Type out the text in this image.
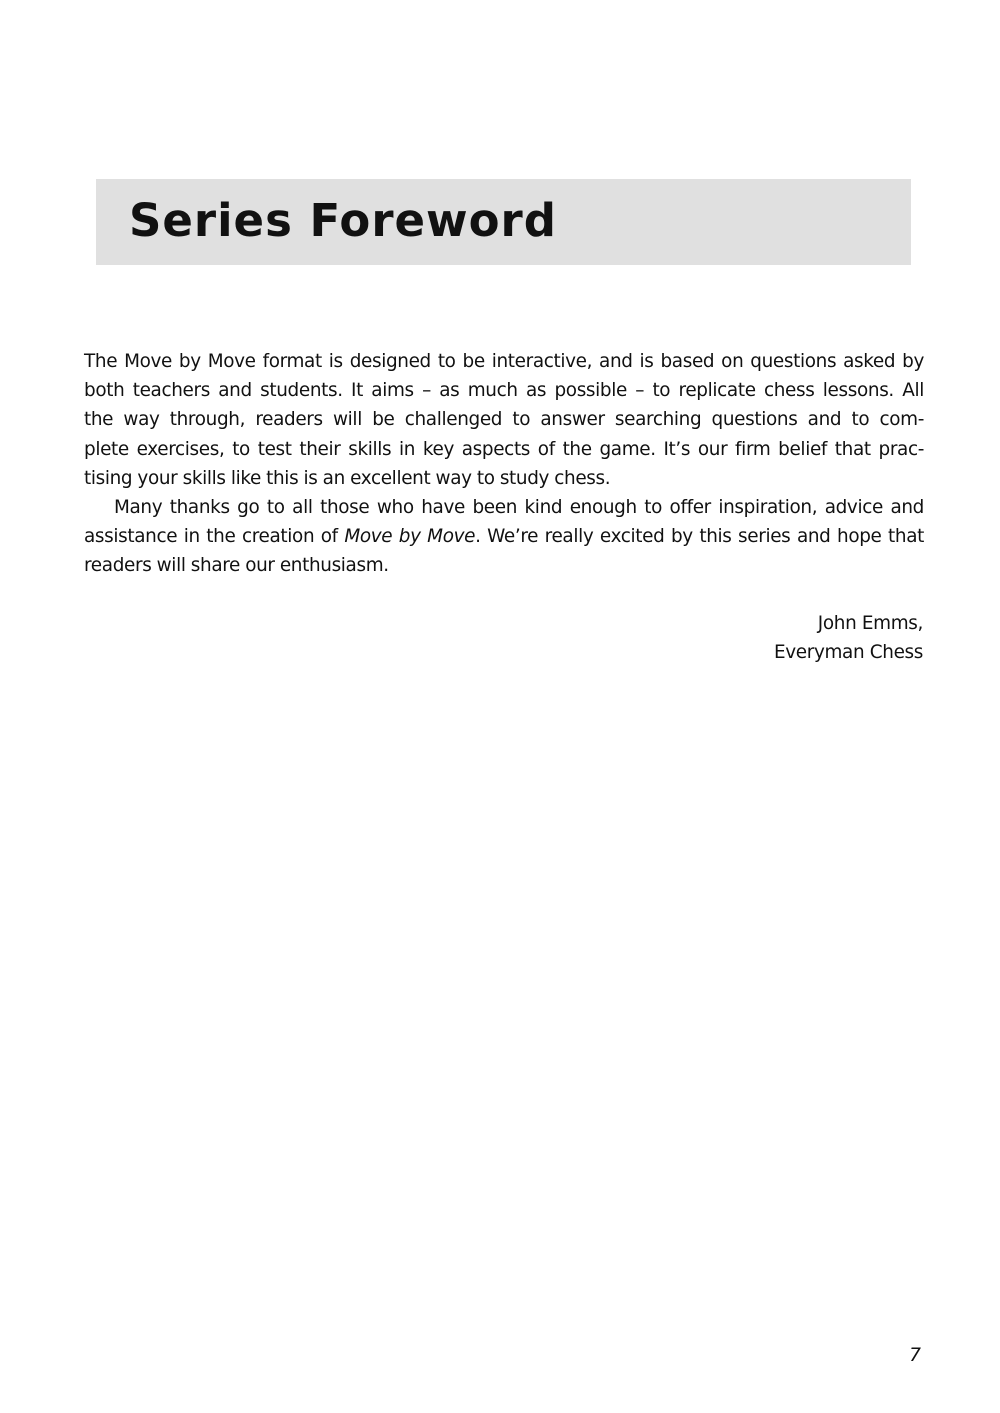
Series Foreword
The Move by Move format is designed to be interactive, and is based on questions asked by
both teachers and students. It aims – as much as possible – to replicate chess lessons. All
the way through, readers will be challenged to answer searching questions and to com-
plete exercises, to test their skills in key aspects of the game. It’s our firm belief that prac-
tising your skills like this is an excellent way to study chess.
Many thanks go to all those who have been kind enough to offer inspiration, advice and
assistance in the creation of Move by Move. We’re really excited by this series and hope that
readers will share our enthusiasm.
John Emms,
Everyman Chess
7
